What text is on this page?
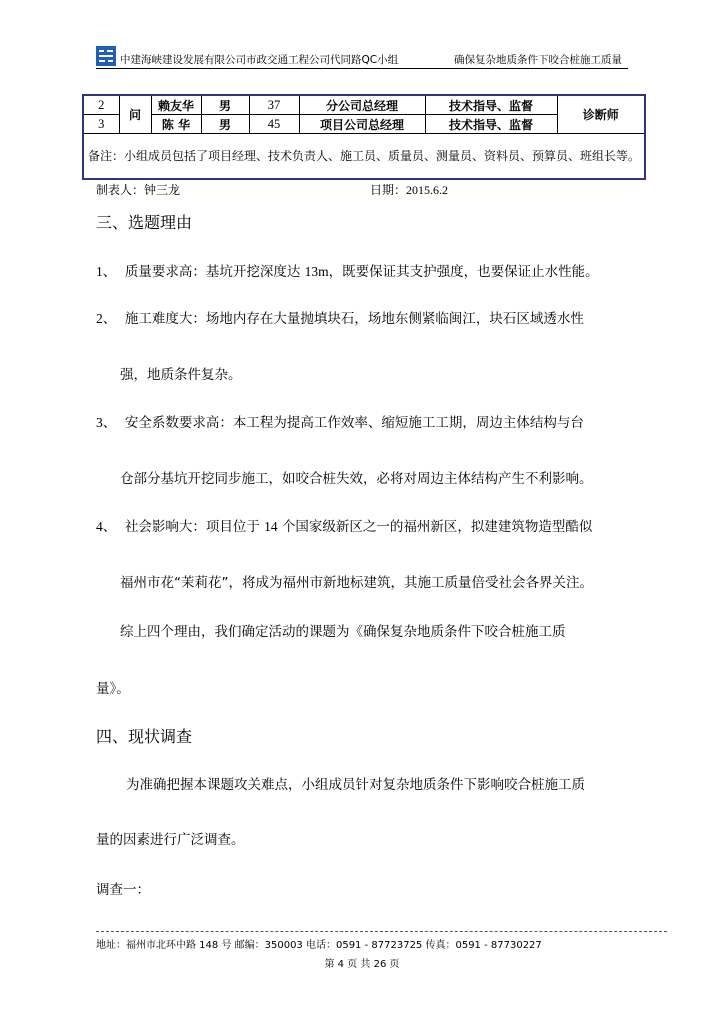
中建海峡建设发展有限公司市政交通工程公司代同路QC小组	确保复杂地质条件下咬合桩施工质量
2	问	赖友华	男	37	分公司总经理	技术指导、监督	诊断师
3		陈 华	男	45	项目公司总经理	技术指导、监督	
备注：小组成员包括了项目经理、技术负责人、施工员、质量员、测量员、资料员、预算员、班组长等。							
制表人：钟三龙	日期：2015.6.2
三、选题理由
1、 质量要求高：基坑开挖深度达 13m，既要保证其支护强度，也要保证止水性能。
2、 施工难度大：场地内存在大量抛填块石，场地东侧紧临闽江，块石区域透水性
强，地质条件复杂。
3、 安全系数要求高：本工程为提高工作效率、缩短施工工期，周边主体结构与台
仓部分基坑开挖同步施工，如咬合桩失效，必将对周边主体结构产生不利影响。
4、 社会影响大：项目位于 14 个国家级新区之一的福州新区，拟建建筑物造型酷似
福州市花“茉莉花”，将成为福州市新地标建筑，其施工质量倍受社会各界关注。
综上四个理由，我们确定活动的课题为《确保复杂地质条件下咬合桩施工质
量》。
四、现状调查
为准确把握本课题攻关难点，小组成员针对复杂地质条件下影响咬合桩施工质
量的因素进行广泛调查。
调查一：
地址：福州市北环中路 148 号 邮编：350003 电话：0591 - 87723725 传真：0591 - 87730227
第 4 页 共 26 页
